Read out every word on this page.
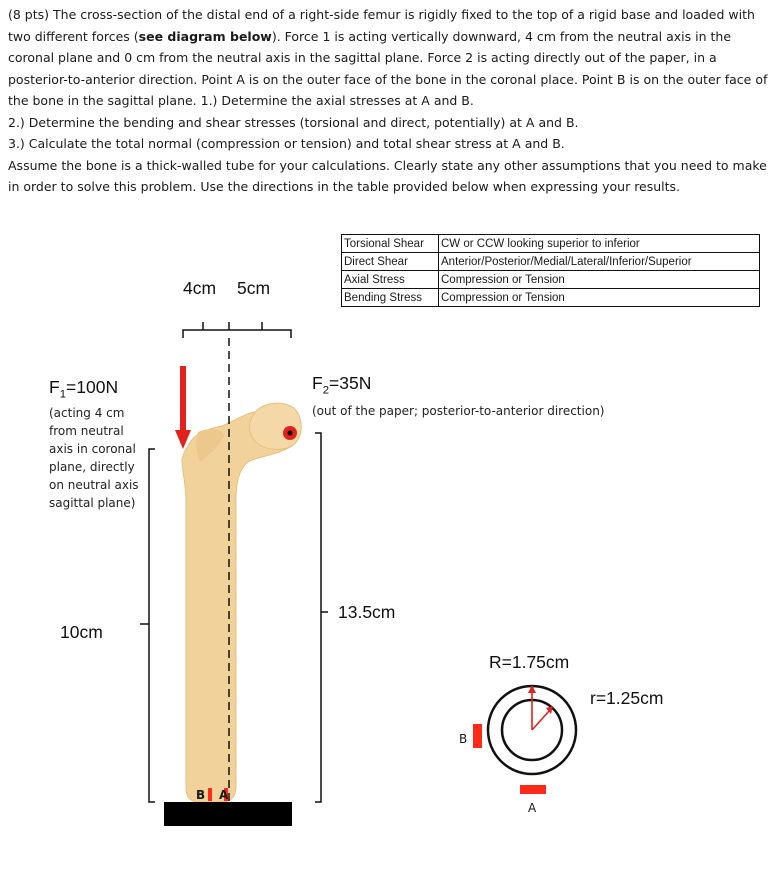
(8 pts) The cross-section of the distal end of a right-side femur is rigidly fixed to the top of a rigid base and loaded with two different forces (see diagram below). Force 1 is acting vertically downward, 4 cm from the neutral axis in the coronal plane and 0 cm from the neutral axis in the sagittal plane. Force 2 is acting directly out of the paper, in a posterior-to-anterior direction. Point A is on the outer face of the bone in the coronal place. Point B is on the outer face of the bone in the sagittal plane. 1.) Determine the axial stresses at A and B.
2.) Determine the bending and shear stresses (torsional and direct, potentially) at A and B.
3.) Calculate the total normal (compression or tension) and total shear stress at A and B.
Assume the bone is a thick-walled tube for your calculations. Clearly state any other assumptions that you need to make in order to solve this problem. Use the directions in the table provided below when expressing your results.

Torsional Shear	CW or CCW looking superior to inferior
Direct Shear	Anterior/Posterior/Medial/Lateral/Inferior/Superior
Axial Stress	Compression or Tension
Bending Stress	Compression or Tension
4cm 5cm
$F_1=100N$
(acting 4 cm
from neutral
axis in coronal
plane, directly
on neutral axis
sagittal plane)
$F_2=35N$
(out of the paper; posterior-to-anterior direction)
10cm
13.5cm
B A
R=1.75cm
r=1.25cm
B
A
